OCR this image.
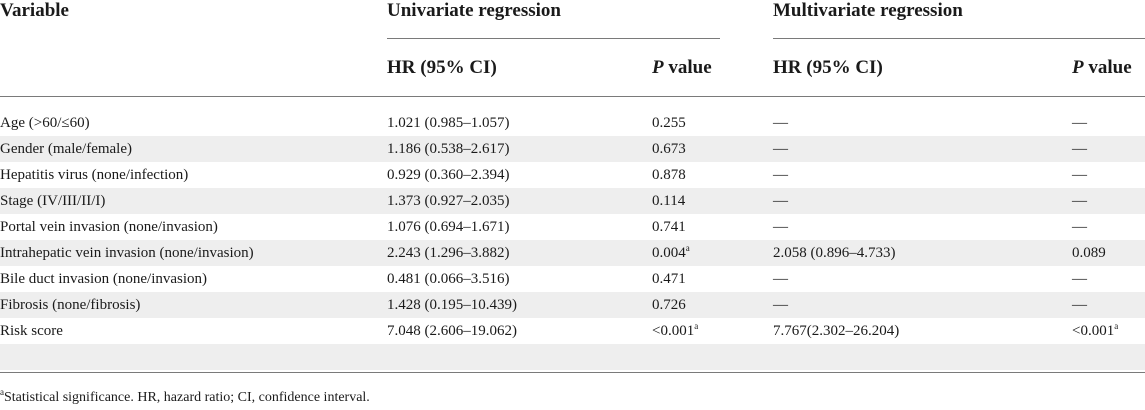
Variable	Univariate regression	Multivariate regression
HR (95% CI)	P value	HR (95% CI)	P value
Age (>60/≤60)	1.021 (0.985–1.057)	0.255	—	—
Gender (male/female)	1.186 (0.538–2.617)	0.673	—	—
Hepatitis virus (none/infection)	0.929 (0.360–2.394)	0.878	—	—
Stage (IV/III/II/I)	1.373 (0.927–2.035)	0.114	—	—
Portal vein invasion (none/invasion)	1.076 (0.694–1.671)	0.741	—	—
Intrahepatic vein invasion (none/invasion)	2.243 (1.296–3.882)	0.004$^a$	2.058 (0.896–4.733)	0.089
Bile duct invasion (none/invasion)	0.481 (0.066–3.516)	0.471	—	—
Fibrosis (none/fibrosis)	1.428 (0.195–10.439)	0.726	—	—
Risk score	7.048 (2.606–19.062)	<0.001$^a$	7.767(2.302–26.204)	<0.001$^a$
$^a$Statistical significance. HR, hazard ratio; CI, confidence interval.
